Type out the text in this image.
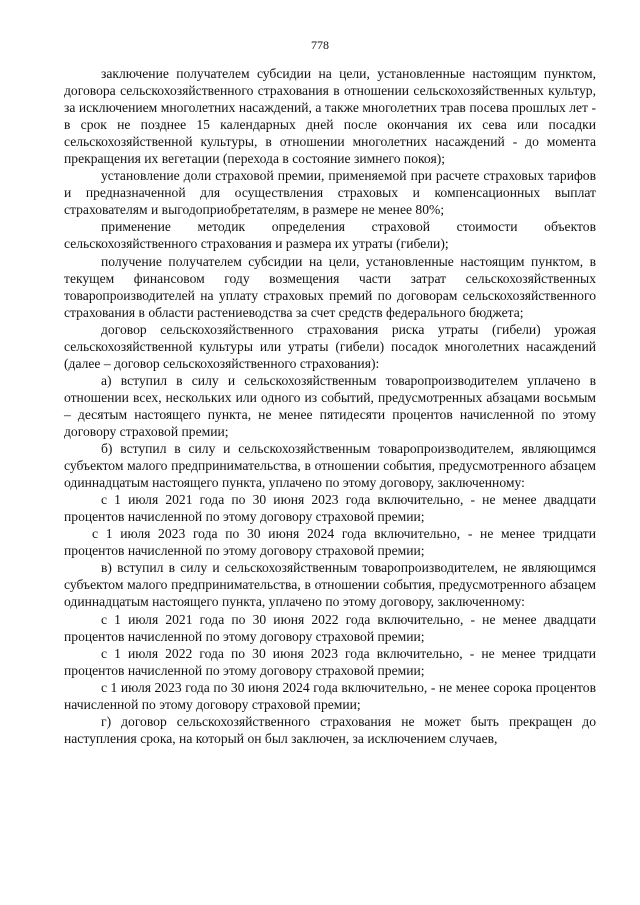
778

заключение получателем субсидии на цели, установленные настоящим пунктом, договора сельскохозяйственного страхования в отношении сельскохозяйственных культур, за исключением многолетних насаждений, а также многолетних трав посева прошлых лет - в срок не позднее 15 календарных дней после окончания их сева или посадки сельскохозяйственной культуры, в отношении многолетних насаждений - до момента прекращения их вегетации (перехода в состояние зимнего покоя);

установление доли страховой премии, применяемой при расчете страховых тарифов и предназначенной для осуществления страховых и компенсационных выплат страхователям и выгодоприобретателям, в размере не менее 80%;

применение методик определения страховой стоимости объектов сельскохозяйственного страхования и размера их утраты (гибели);

получение получателем субсидии на цели, установленные настоящим пунктом, в текущем финансовом году возмещения части затрат сельскохозяйственных товаропроизводителей на уплату страховых премий по договорам сельскохозяйственного страхования в области растениеводства за счет средств федерального бюджета;

договор сельскохозяйственного страхования риска утраты (гибели) урожая сельскохозяйственной культуры или утраты (гибели) посадок многолетних насаждений (далее – договор сельскохозяйственного страхования):

а) вступил в силу и сельскохозяйственным товаропроизводителем уплачено в отношении всех, нескольких или одного из событий, предусмотренных абзацами восьмым – десятым настоящего пункта, не менее пятидесяти процентов начисленной по этому договору страховой премии;

б) вступил в силу и сельскохозяйственным товаропроизводителем, являющимся субъектом малого предпринимательства, в отношении события, предусмотренного абзацем одиннадцатым настоящего пункта, уплачено по этому договору, заключенному:

с 1 июля 2021 года по 30 июня 2023 года включительно, - не менее двадцати процентов начисленной по этому договору страховой премии;

с 1 июля 2023 года по 30 июня 2024 года включительно, - не менее тридцати процентов начисленной по этому договору страховой премии;

в) вступил в силу и сельскохозяйственным товаропроизводителем, не являющимся субъектом малого предпринимательства, в отношении события, предусмотренного абзацем одиннадцатым настоящего пункта, уплачено по этому договору, заключенному:

с 1 июля 2021 года по 30 июня 2022 года включительно, - не менее двадцати процентов начисленной по этому договору страховой премии;

с 1 июля 2022 года по 30 июня 2023 года включительно, - не менее тридцати процентов начисленной по этому договору страховой премии;

с 1 июля 2023 года по 30 июня 2024 года включительно, - не менее сорока процентов начисленной по этому договору страховой премии;

г) договор сельскохозяйственного страхования не может быть прекращен до наступления срока, на который он был заключен, за исключением случаев,
